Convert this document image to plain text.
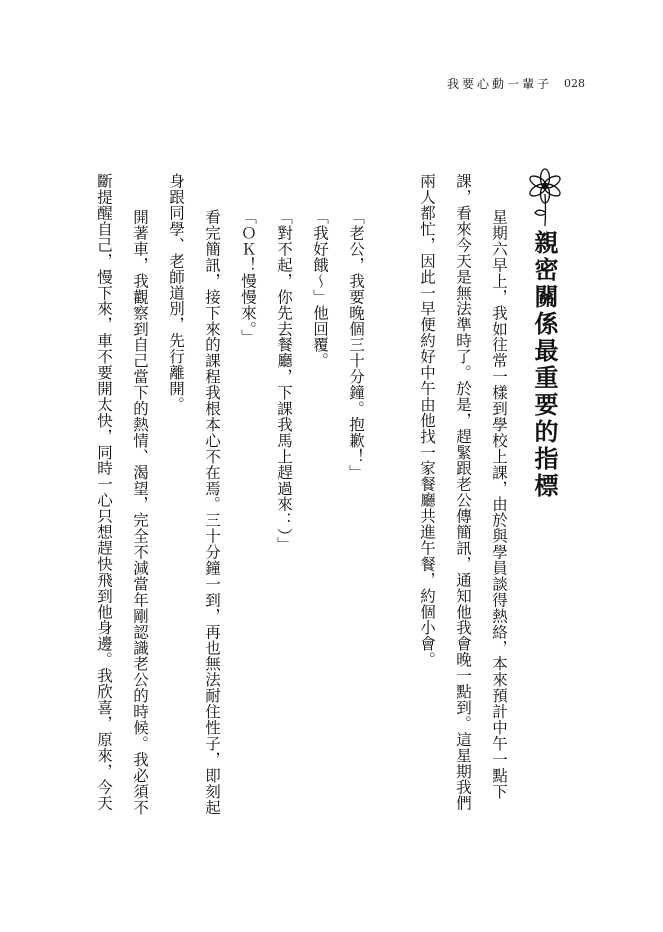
我要心動一輩子 028
親密關係最重要的指標
星期六早上，我如往常一樣到學校上課，由於與學員談得熱絡，本來預計中午一點下
課，看來今天是無法準時了。於是，趕緊跟老公傳簡訊，通知他我會晚一點到。這星期我們
兩人都忙，因此一早便約好中午由他找一家餐廳共進午餐，約個小會。
「老公，我要晚個三十分鐘。抱歉！」
「我好餓～」他回覆。
「對不起，你先去餐廳，下課我馬上趕過來：）」
「ＯＫ！慢慢來。」
看完簡訊，接下來的課程我根本心不在焉。三十分鐘一到，再也無法耐住性子，即刻起
身跟同學、老師道別，先行離開。
開著車，我觀察到自己當下的熱情、渴望，完全不減當年剛認識老公的時候。我必須不
斷提醒自己，慢下來，車不要開太快，同時一心只想趕快飛到他身邊。我欣喜，原來，今天
